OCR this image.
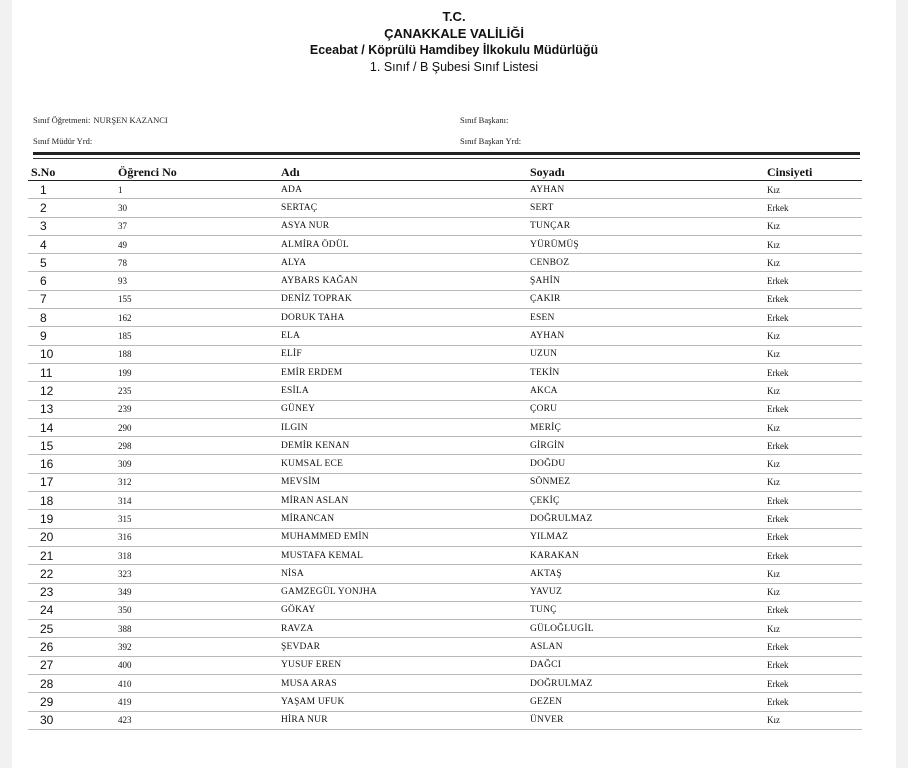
T.C.
ÇANAKKALE VALİLİĞİ
Eceabat / Köprülü Hamdibey İlkokulu Müdürlüğü
1. Sınıf / B Şubesi Sınıf Listesi
Sınıf Öğretmeni: NURŞEN KAZANCI
Sınıf Müdür Yrd:
Sınıf Başkanı:
Sınıf Başkan Yrd:
S.No	Öğrenci No	Adı	Soyadı	Cinsiyeti
1	1	ADA	AYHAN	Kız
2	30	SERTAÇ	SERT	Erkek
3	37	ASYA NUR	TUNÇAR	Kız
4	49	ALMİRA ÖDÜL	YÜRÜMÜŞ	Kız
5	78	ALYA	CENBOZ	Kız
6	93	AYBARS KAĞAN	ŞAHİN	Erkek
7	155	DENİZ TOPRAK	ÇAKIR	Erkek
8	162	DORUK TAHA	ESEN	Erkek
9	185	ELA	AYHAN	Kız
10	188	ELİF	UZUN	Kız
11	199	EMİR ERDEM	TEKİN	Erkek
12	235	ESİLA	AKCA	Kız
13	239	GÜNEY	ÇORU	Erkek
14	290	ILGIN	MERİÇ	Kız
15	298	DEMİR KENAN	GİRGİN	Erkek
16	309	KUMSAL ECE	DOĞDU	Kız
17	312	MEVSİM	SÖNMEZ	Kız
18	314	MİRAN ASLAN	ÇEKİÇ	Erkek
19	315	MİRANCAN	DOĞRULMAZ	Erkek
20	316	MUHAMMED EMİN	YILMAZ	Erkek
21	318	MUSTAFA KEMAL	KARAKAN	Erkek
22	323	NİSA	AKTAŞ	Kız
23	349	GAMZEGÜL YONJHA	YAVUZ	Kız
24	350	GÖKAY	TUNÇ	Erkek
25	388	RAVZA	GÜLOĞLUGİL	Kız
26	392	ŞEVDAR	ASLAN	Erkek
27	400	YUSUF EREN	DAĞCI	Erkek
28	410	MUSA ARAS	DOĞRULMAZ	Erkek
29	419	YAŞAM UFUK	GEZEN	Erkek
30	423	HİRA NUR	ÜNVER	Kız
